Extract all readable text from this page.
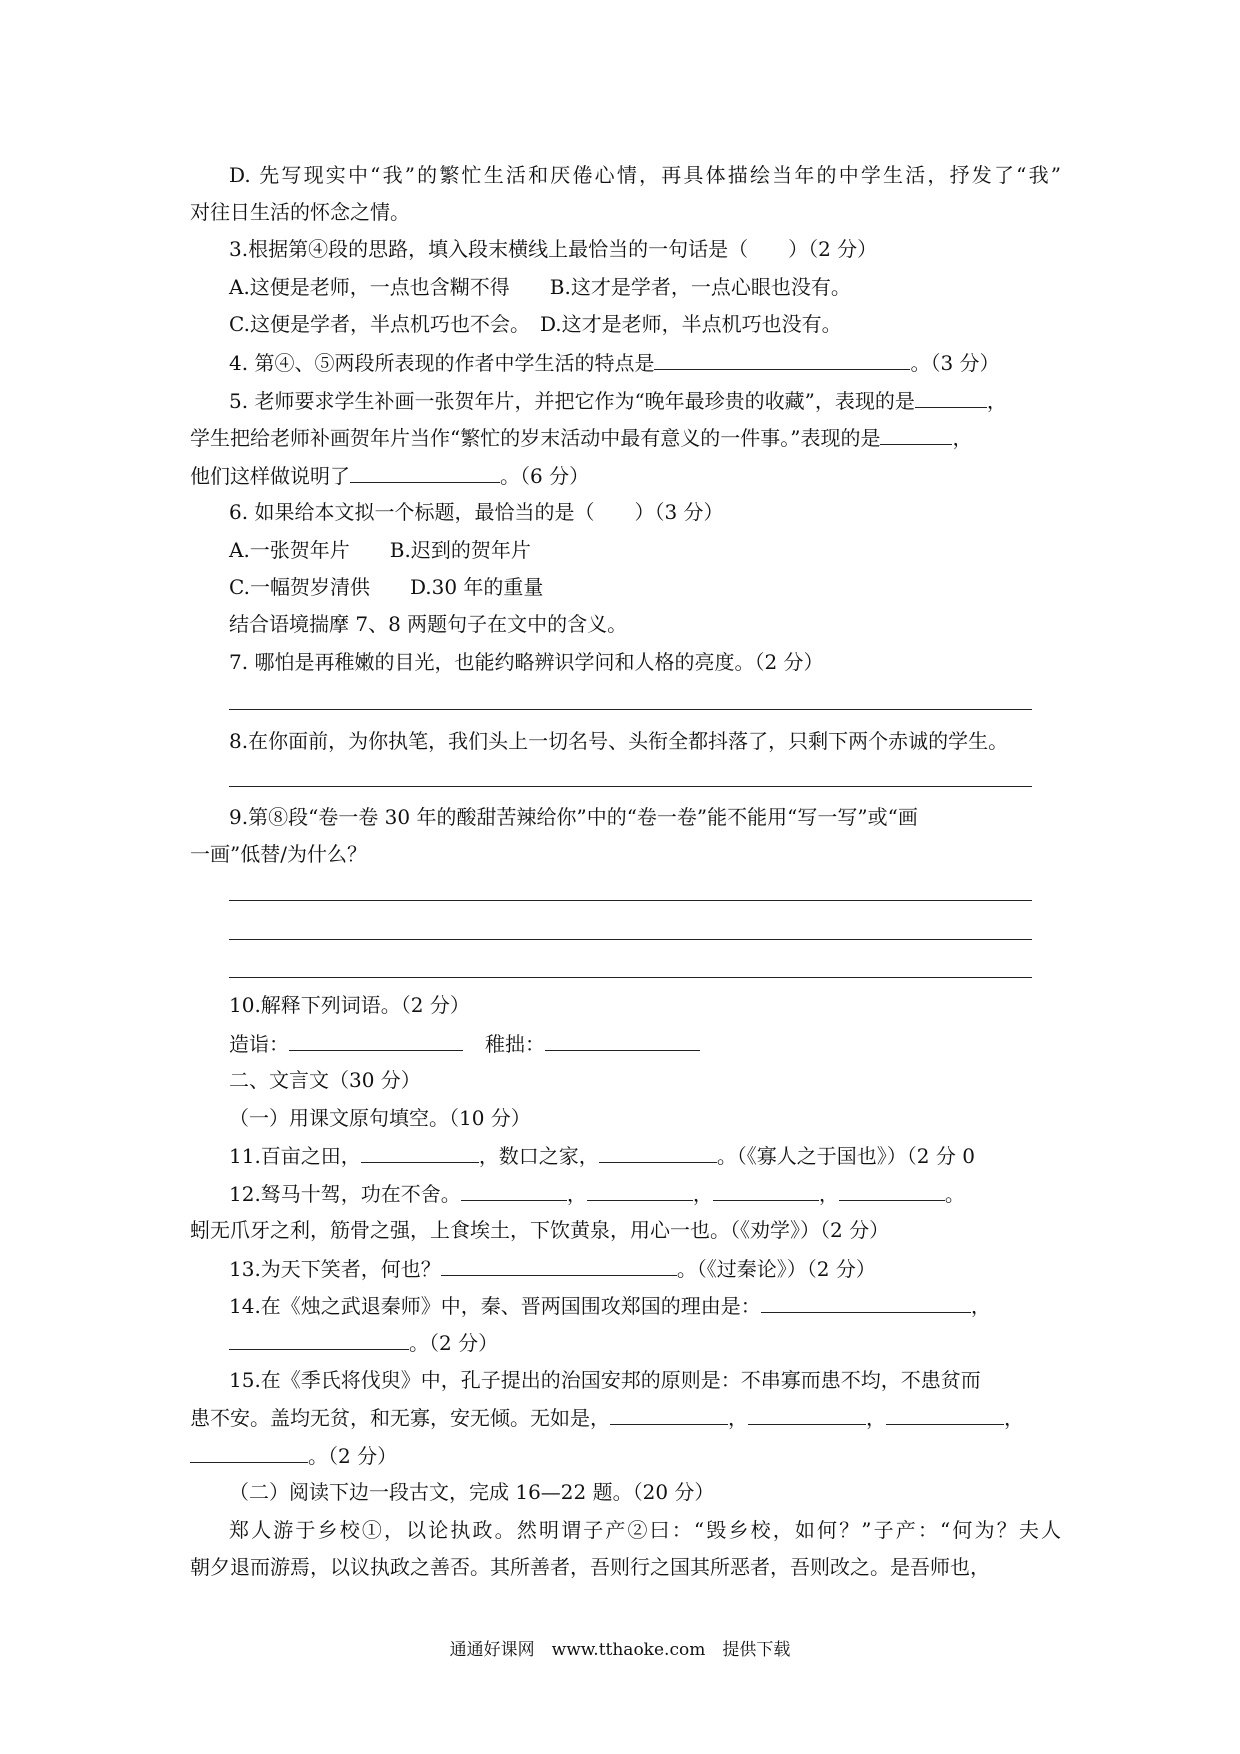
D. 先写现实中“我”的繁忙生活和厌倦心情，再具体描绘当年的中学生活，抒发了“我”
对往日生活的怀念之情。
3.根据第④段的思路，填入段末横线上最恰当的一句话是（　　）（2 分）
A.这便是老师，一点也含糊不得　　B.这才是学者，一点心眼也没有。
C.这便是学者，半点机巧也不会。　D.这才是老师，半点机巧也没有。
4. 第④、⑤两段所表现的作者中学生活的特点是	。（3 分）
5. 老师要求学生补画一张贺年片，并把它作为“晚年最珍贵的收藏”，表现的是	，
学生把给老师补画贺年片当作“繁忙的岁末活动中最有意义的一件事。”表现的是	，
他们这样做说明了	。（6 分）
6. 如果给本文拟一个标题，最恰当的是（　　）（3 分）
A.一张贺年片　　B.迟到的贺年片
C.一幅贺岁清供　　D.30 年的重量
结合语境揣摩 7、8 两题句子在文中的含义。
7. 哪怕是再稚嫩的目光，也能约略辨识学问和人格的亮度。（2 分）
8.在你面前，为你执笔，我们头上一切名号、头衔全都抖落了，只剩下两个赤诚的学生。
9.第⑧段“卷一卷 30 年的酸甜苦辣给你”中的“卷一卷”能不能用“写一写”或“画
一画”低替/为什么？
10.解释下列词语。（2 分）
造诣：	稚拙：
二、文言文（30 分）
（一）用课文原句填空。（10 分）
11.百亩之田，	，数口之家，	。（《寡人之于国也》）（2 分 0
12.驽马十驾，功在不舍。	，	，	，	。
蚓无爪牙之利，筋骨之强，上食埃土，下饮黄泉，用心一也。（《劝学》）（2 分）
13.为天下笑者，何也？	。（《过秦论》）（2 分）
14.在《烛之武退秦师》中，秦、晋两国围攻郑国的理由是：	，
。（2 分）
15.在《季氏将伐臾》中，孔子提出的治国安邦的原则是：不串寡而患不均，不患贫而
患不安。盖均无贫，和无寡，安无倾。无如是，	，	，	，
。（2 分）
（二）阅读下边一段古文，完成 16—22 题。（20 分）
郑人游于乡校①，以论执政。然明谓子产②曰：“毁乡校，如何？”子产：“何为？夫人
朝夕退而游焉，以议执政之善否。其所善者，吾则行之国其所恶者，吾则改之。是吾师也，
通通好课网　www.tthaoke.com　提供下载
